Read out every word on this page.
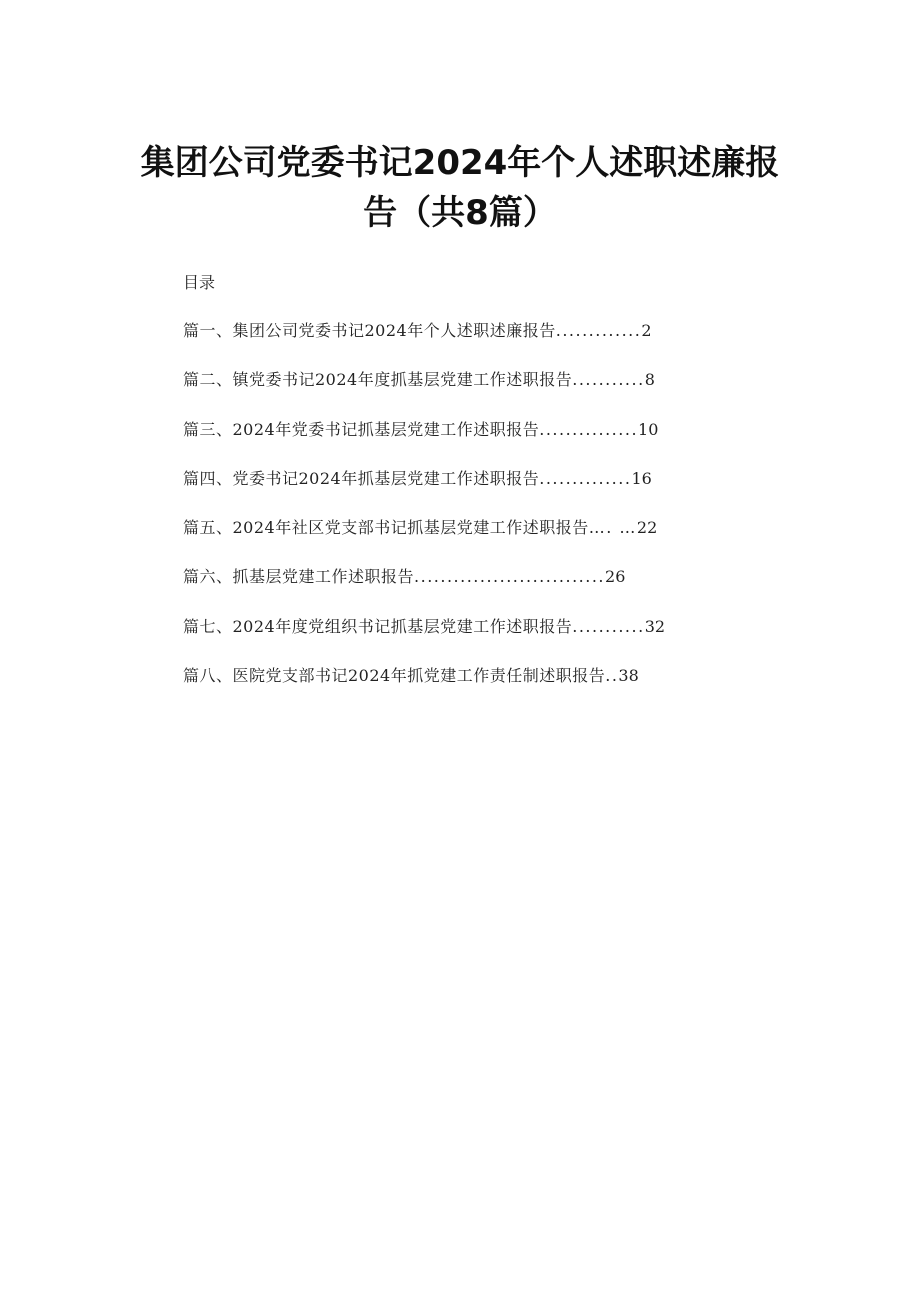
集团公司党委书记2024年个人述职述廉报
告（共8篇）
目录
篇一、集团公司党委书记2024年个人述职述廉报告 ............. 2
篇二、镇党委书记2024年度抓基层党建工作述职报告 ........... 8
篇三、2024年党委书记抓基层党建工作述职报告 ............... 10
篇四、党委书记2024年抓基层党建工作述职报告 .............. 16
篇五、2024年社区党支部书记抓基层党建工作述职报告 …. … 22
篇六、抓基层党建工作述职报告 ............................. 26
篇七、2024年度党组织书记抓基层党建工作述职报告 ........... 32
篇八、医院党支部书记2024年抓党建工作责任制述职报告 .. 38
